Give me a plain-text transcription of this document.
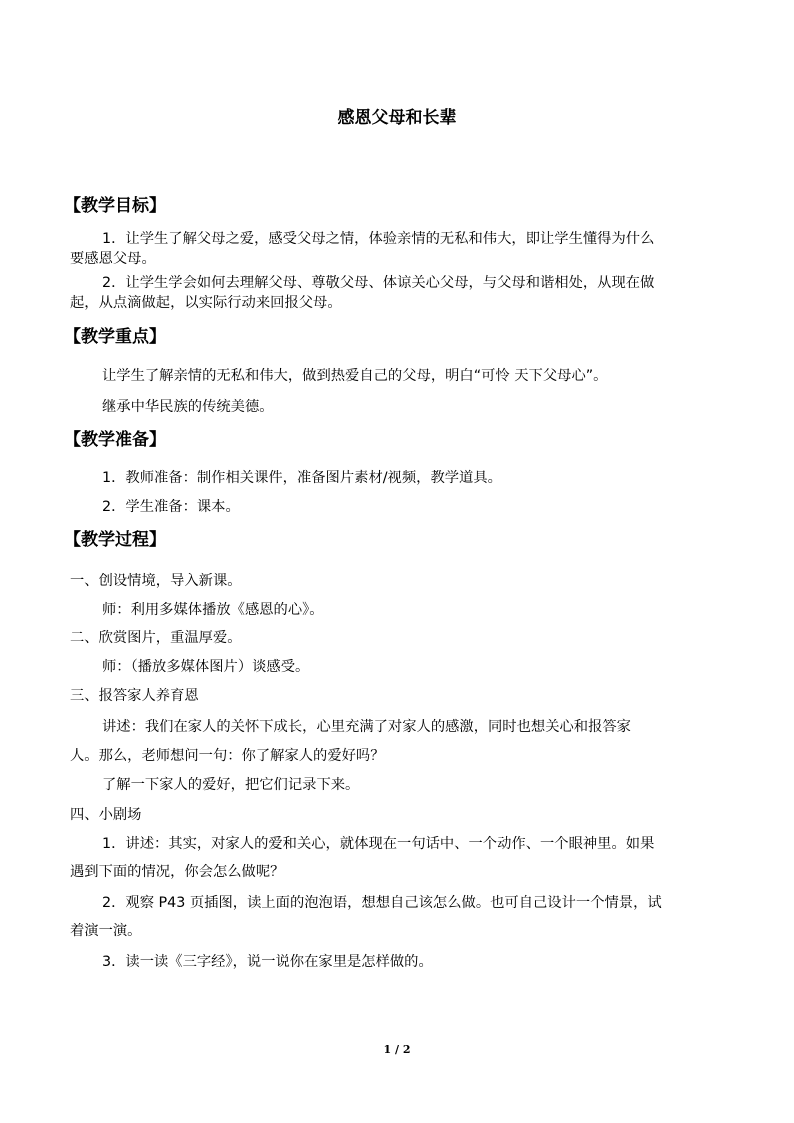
感恩父母和长辈
【教学目标】
1．让学生了解父母之爱，感受父母之情，体验亲情的无私和伟大，即让学生懂得为什么
要感恩父母。
2．让学生学会如何去理解父母、尊敬父母、体谅关心父母，与父母和谐相处，从现在做
起，从点滴做起，以实际行动来回报父母。
【教学重点】
让学生了解亲情的无私和伟大，做到热爱自己的父母，明白“可怜 天下父母心”。
继承中华民族的传统美德。
【教学准备】
1．教师准备：制作相关课件，准备图片素材/视频，教学道具。
2．学生准备：课本。
【教学过程】
一、创设情境，导入新课。
师：利用多媒体播放《感恩的心》。
二、欣赏图片，重温厚爱。
师：（播放多媒体图片）谈感受。
三、报答家人养育恩
讲述：我们在家人的关怀下成长，心里充满了对家人的感激，同时也想关心和报答家
人。那么，老师想问一句：你了解家人的爱好吗？
了解一下家人的爱好，把它们记录下来。
四、小剧场
1．讲述：其实，对家人的爱和关心，就体现在一句话中、一个动作、一个眼神里。如果
遇到下面的情况，你会怎么做呢？
2．观察 P43 页插图，读上面的泡泡语，想想自己该怎么做。也可自己设计一个情景，试
着演一演。
3．读一读《三字经》，说一说你在家里是怎样做的。
1 / 2
